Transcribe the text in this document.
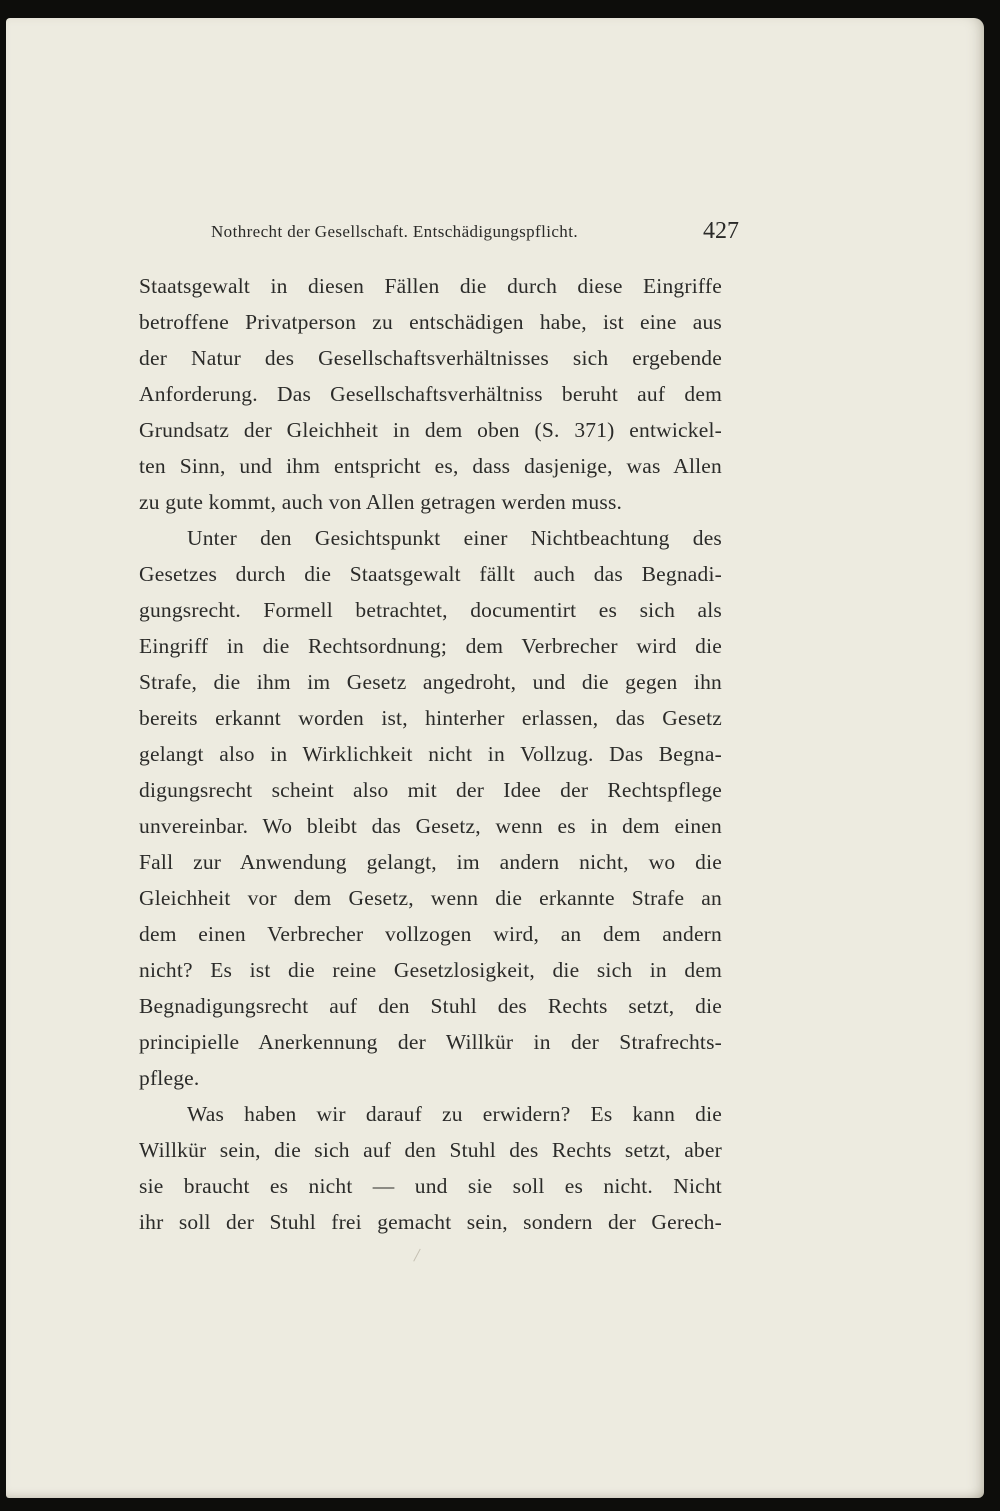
Nothrecht der Gesellschaft. Entschädigungspflicht.	427
Staatsgewalt in diesen Fällen die durch diese Eingriffe
betroffene Privatperson zu entschädigen habe, ist eine aus
der Natur des Gesellschaftsverhältnisses sich ergebende
Anforderung. Das Gesellschaftsverhältniss beruht auf dem
Grundsatz der Gleichheit in dem oben (S. 371) entwickel-
ten Sinn, und ihm entspricht es, dass dasjenige, was Allen
zu gute kommt, auch von Allen getragen werden muss.
Unter den Gesichtspunkt einer Nichtbeachtung des
Gesetzes durch die Staatsgewalt fällt auch das Begnadi-
gungsrecht. Formell betrachtet, documentirt es sich als
Eingriff in die Rechtsordnung; dem Verbrecher wird die
Strafe, die ihm im Gesetz angedroht, und die gegen ihn
bereits erkannt worden ist, hinterher erlassen, das Gesetz
gelangt also in Wirklichkeit nicht in Vollzug. Das Begna-
digungsrecht scheint also mit der Idee der Rechtspflege
unvereinbar. Wo bleibt das Gesetz, wenn es in dem einen
Fall zur Anwendung gelangt, im andern nicht, wo die
Gleichheit vor dem Gesetz, wenn die erkannte Strafe an
dem einen Verbrecher vollzogen wird, an dem andern
nicht? Es ist die reine Gesetzlosigkeit, die sich in dem
Begnadigungsrecht auf den Stuhl des Rechts setzt, die
principielle Anerkennung der Willkür in der Strafrechts-
pflege.
Was haben wir darauf zu erwidern? Es kann die
Willkür sein, die sich auf den Stuhl des Rechts setzt, aber
sie braucht es nicht — und sie soll es nicht. Nicht
ihr soll der Stuhl frei gemacht sein, sondern der Gerech-
